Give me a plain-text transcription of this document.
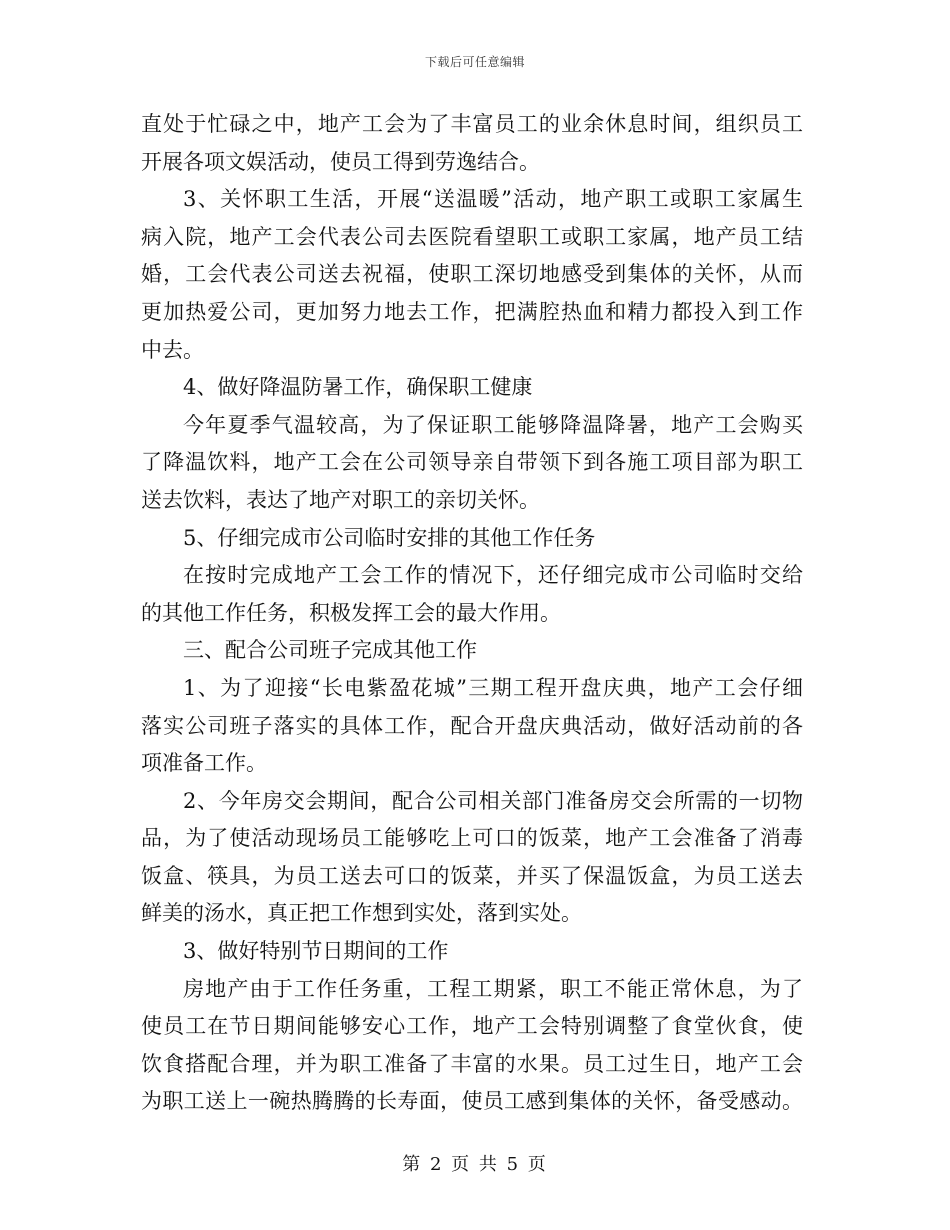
下载后可任意编辑
直处于忙碌之中，地产工会为了丰富员工的业余休息时间，组织员工
开展各项文娱活动，使员工得到劳逸结合。
3、关怀职工生活，开展“送温暖”活动，地产职工或职工家属生
病入院，地产工会代表公司去医院看望职工或职工家属，地产员工结
婚，工会代表公司送去祝福，使职工深切地感受到集体的关怀，从而
更加热爱公司，更加努力地去工作，把满腔热血和精力都投入到工作
中去。
4、做好降温防暑工作，确保职工健康
今年夏季气温较高，为了保证职工能够降温降暑，地产工会购买
了降温饮料，地产工会在公司领导亲自带领下到各施工项目部为职工
送去饮料，表达了地产对职工的亲切关怀。
5、仔细完成市公司临时安排的其他工作任务
在按时完成地产工会工作的情况下，还仔细完成市公司临时交给
的其他工作任务，积极发挥工会的最大作用。
三、配合公司班子完成其他工作
1、为了迎接“长电紫盈花城”三期工程开盘庆典，地产工会仔细
落实公司班子落实的具体工作，配合开盘庆典活动，做好活动前的各
项准备工作。
2、今年房交会期间，配合公司相关部门准备房交会所需的一切物
品，为了使活动现场员工能够吃上可口的饭菜，地产工会准备了消毒
饭盒、筷具，为员工送去可口的饭菜，并买了保温饭盒，为员工送去
鲜美的汤水，真正把工作想到实处，落到实处。
3、做好特别节日期间的工作
房地产由于工作任务重，工程工期紧，职工不能正常休息，为了
使员工在节日期间能够安心工作，地产工会特别调整了食堂伙食，使
饮食搭配合理，并为职工准备了丰富的水果。员工过生日，地产工会
为职工送上一碗热腾腾的长寿面，使员工感到集体的关怀，备受感动。
第 2 页 共 5 页
